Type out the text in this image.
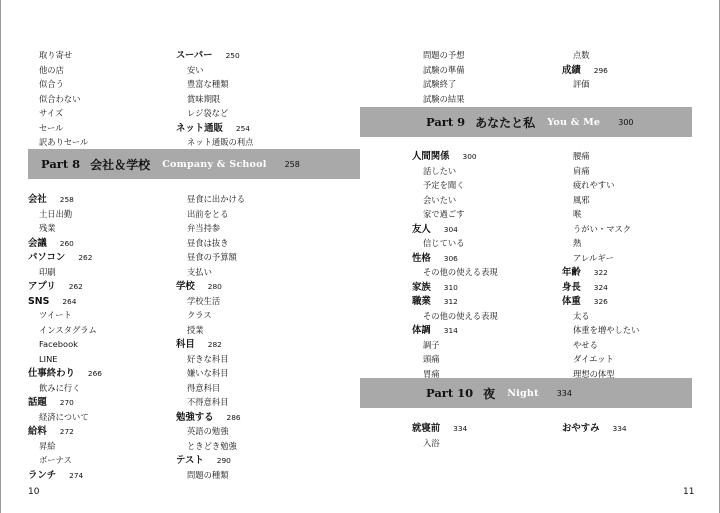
取り寄せ
他の店
似合う
似合わない
サイズ
セール
訳ありセール
スーパー 250
安い
豊富な種類
賞味期限
レジ袋など
ネット通販 254
ネット通販の利点
Part 8 会社＆学校 Company & School 258
会社 258
土日出勤
残業
会議 260
パソコン 262
印刷
アプリ 262
SNS 264
ツイート
インスタグラム
Facebook
LINE
仕事終わり 266
飲みに行く
話題 270
経済について
給料 272
昇給
ボーナス
ランチ 274
昼食に出かける
出前をとる
弁当持参
昼食は抜き
昼食の予算額
支払い
学校 280
学校生活
クラス
授業
科目 282
好きな科目
嫌いな科目
得意科目
不得意科目
勉強する 286
英語の勉強
ときどき勉強
テスト 290
問題の種類
10
問題の予想
試験の準備
試験終了
試験の結果
点数
成績 296
評価
Part 9 あなたと私 You & Me 300
人間関係 300
話したい
予定を聞く
会いたい
家で過ごす
友人 304
信じている
性格 306
その他の使える表現
家族 310
職業 312
その他の使える表現
体調 314
調子
頭痛
胃痛
腰痛
肩痛
疲れやすい
風邪
喉
うがい・マスク
熱
アレルギー
年齢 322
身長 324
体重 326
太る
体重を増やしたい
やせる
ダイエット
理想の体型
Part 10 夜 Night 334
就寝前 334
入浴
おやすみ 334
11
